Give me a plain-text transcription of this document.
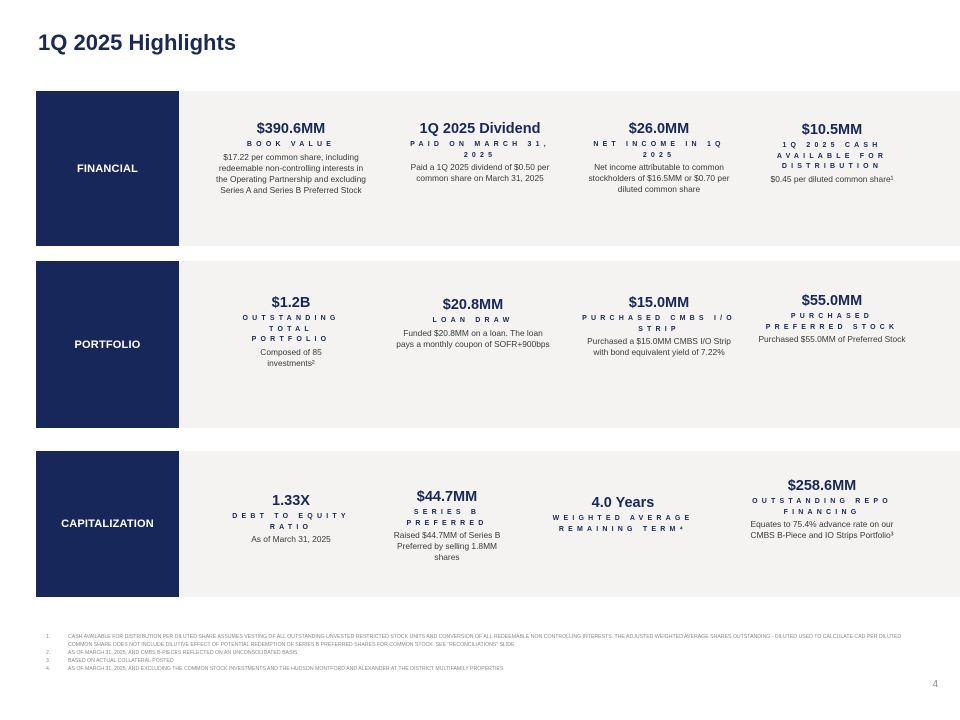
1Q 2025 Highlights
FINANCIAL
$390.6MM
BOOK VALUE
$17.22 per common share, including redeemable non-controlling interests in the Operating Partnership and excluding Series A and Series B Preferred Stock
1Q 2025 Dividend
PAID ON MARCH 31, 2025
Paid a 1Q 2025 dividend of $0.50 per common share on March 31, 2025
$26.0MM
NET INCOME IN 1Q 2025
Net income attributable to common stockholders of $16.5MM or $0.70 per diluted common share
$10.5MM
1Q 2025 CASH AVAILABLE FOR DISTRIBUTION
$0.45 per diluted common share¹
PORTFOLIO
$1.2B
OUTSTANDING TOTAL PORTFOLIO
Composed of 85 investments²
$20.8MM
LOAN DRAW
Funded $20.8MM on a loan. The loan pays a monthly coupon of SOFR+900bps
$15.0MM
PURCHASED CMBS I/O STRIP
Purchased a $15.0MM CMBS I/O Strip with bond equivalent yield of 7.22%
$55.0MM
PURCHASED PREFERRED STOCK
Purchased $55.0MM of Preferred Stock
CAPITALIZATION
1.33X
DEBT TO EQUITY RATIO
As of March 31, 2025
$44.7MM
SERIES B PREFERRED
Raised $44.7MM of Series B Preferred by selling 1.8MM shares
4.0 Years
WEIGHTED AVERAGE REMAINING TERM⁴
$258.6MM
OUTSTANDING REPO FINANCING
Equates to 75.4% advance rate on our CMBS B-Piece and IO Strips Portfolio³
1.	CASH AVAILABLE FOR DISTRIBUTION PER DILUTED SHARE ASSUMES VESTING OF ALL OUTSTANDING UNVESTED RESTRICTED STOCK UNITS AND CONVERSION OF ALL REDEEMABLE NON CONTROLLING INTERESTS. THE ADJUSTED WEIGHTED AVERAGE SHARES OUTSTANDING - DILUTED USED TO CALCULATE CAD PER DILUTED COMMON SHARE DOES NOT INCLUDE DILUTIVE EFFECT OF POTENTIAL REDEMPTION OF SERIES B PREFERRED SHARES FOR COMMON STOCK. SEE “RECONCILIATIONS” SLIDE
2.	AS OF MARCH 31, 2025, AND CMBS B-PIECES REFLECTED ON AN UNCONSOLIDATED BASIS
3.	BASED ON ACTUAL COLLATERAL POSTED
4.	AS OF MARCH 31, 2025, AND EXCLUDING THE COMMON STOCK INVESTMENTS AND THE HUDSON MONTFORD AND ALEXANDER AT THE DISTRICT MULTIFAMILY PROPERTIES
4
